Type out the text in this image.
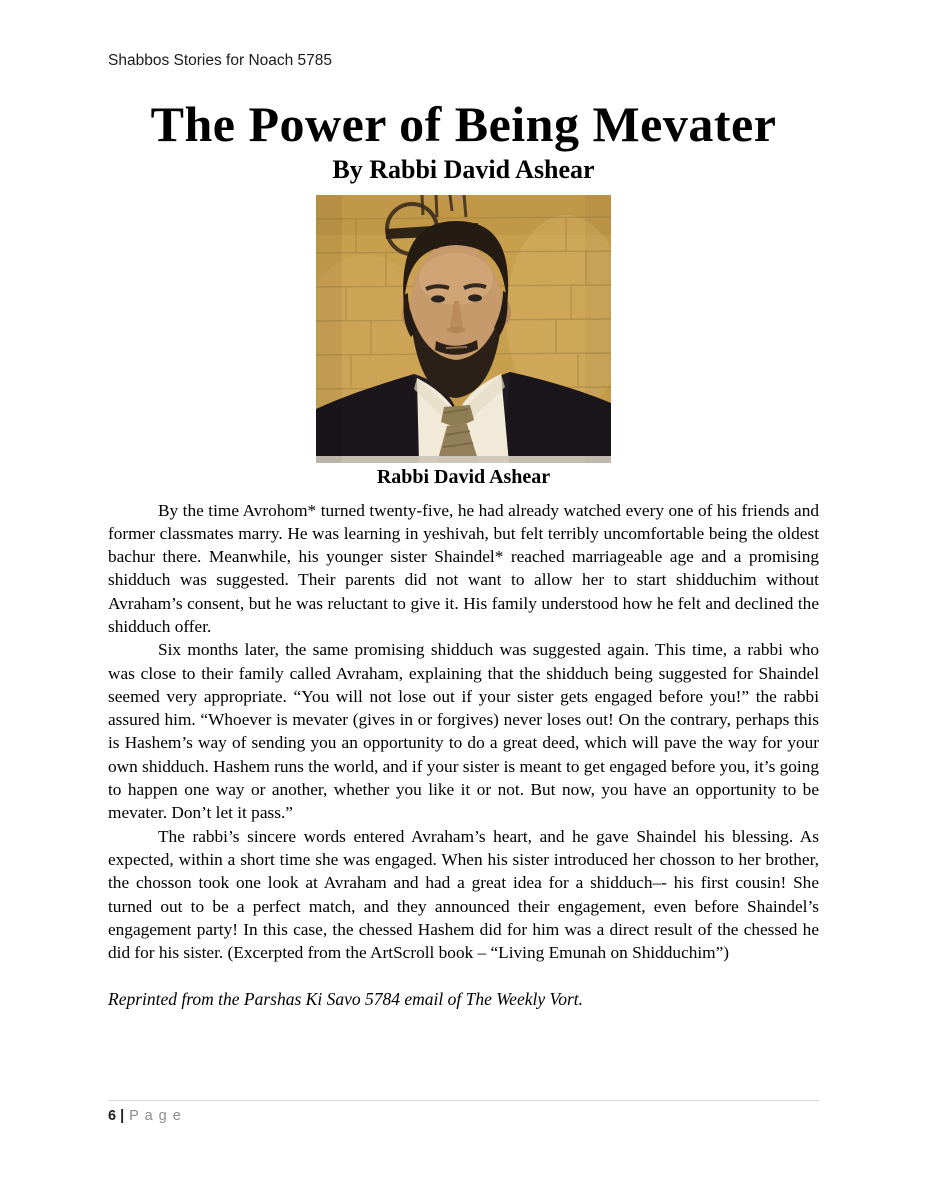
Shabbos Stories for Noach 5785
The Power of Being Mevater
By Rabbi David Ashear
Rabbi David Ashear

By the time Avrohom* turned twenty-five, he had already watched every one of his friends and former classmates marry. He was learning in yeshivah, but felt terribly uncomfortable being the oldest bachur there. Meanwhile, his younger sister Shaindel* reached marriageable age and a promising shidduch was suggested. Their parents did not want to allow her to start shidduchim without Avraham’s consent, but he was reluctant to give it. His family understood how he felt and declined the shidduch offer.

Six months later, the same promising shidduch was suggested again. This time, a rabbi who was close to their family called Avraham, explaining that the shidduch being suggested for Shaindel seemed very appropriate. “You will not lose out if your sister gets engaged before you!” the rabbi assured him. “Whoever is mevater (gives in or forgives) never loses out! On the contrary, perhaps this is Hashem’s way of sending you an opportunity to do a great deed, which will pave the way for your own shidduch. Hashem runs the world, and if your sister is meant to get engaged before you, it’s going to happen one way or another, whether you like it or not. But now, you have an opportunity to be mevater. Don’t let it pass.”

The rabbi’s sincere words entered Avraham’s heart, and he gave Shaindel his blessing. As expected, within a short time she was engaged. When his sister introduced her chosson to her brother, the chosson took one look at Avraham and had a great idea for a shidduch–- his first cousin! She turned out to be a perfect match, and they announced their engagement, even before Shaindel’s engagement party! In this case, the chessed Hashem did for him was a direct result of the chessed he did for his sister. (Excerpted from the ArtScroll book – “Living Emunah on Shidduchim”)

Reprinted from the Parshas Ki Savo 5784 email of The Weekly Vort.

6 | P a g e
